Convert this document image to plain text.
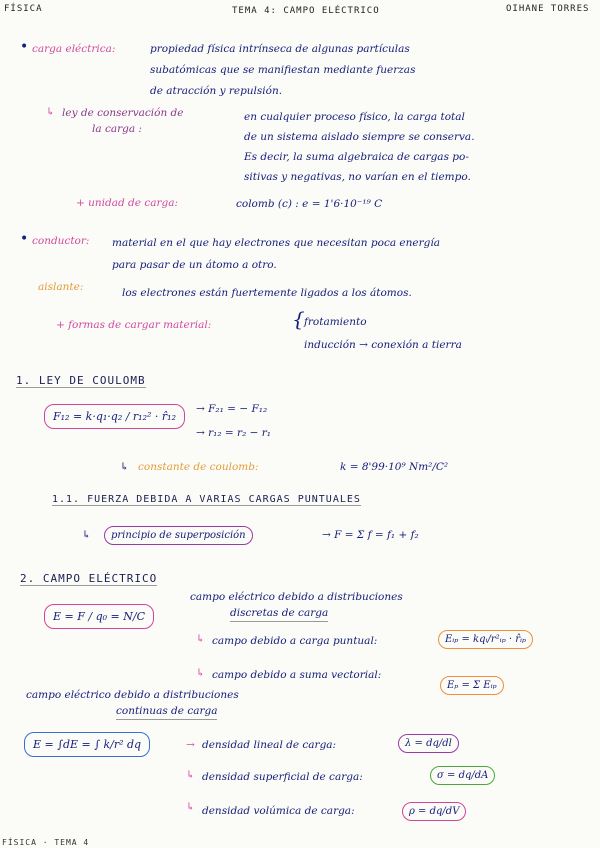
FÍSICA	TEMA 4: CAMPO ELÉCTRICO	OIHANE TORRES
• carga eléctrica:	propiedad física intrínseca de algunas partículas
subatómicas que se manifiestan mediante fuerzas
de atracción y repulsión.
↳ ley de conservación de
la carga :
en cualquier proceso físico, la carga total
de un sistema aislado siempre se conserva.
Es decir, la suma algebraica de cargas po-
sitivas y negativas, no varían en el tiempo.
+ unidad de carga:	colomb (c) : e = 1'6·10⁻¹⁹ C
• conductor: material en el que hay electrones que necesitan poca energía
para pasar de un átomo a otro.
aislante:	los electrones están fuertemente ligados a los átomos.
+ formas de cargar material:	{ frotamiento
inducción → conexión a tierra
1. LEY DE COULOMB
F₁₂ = k·q₁·q₂ / r₁₂² · r̂₁₂
→ F₂₁ = − F₁₂
→ r₁₂ = r₂ − r₁
↳ constante de coulomb:	k = 8'99·10⁹ Nm²/C²
1.1. FUERZA DEBIDA A VARIAS CARGAS PUNTUALES
↳	principio de superposición	→ F = Σ f = f₁ + f₂
2. CAMPO ELÉCTRICO
E = F / q₀ = N/C
campo eléctrico debido a distribuciones
discretas de carga
↳ campo debido a carga puntual:	Eᵢₚ = kqᵢ/r²ᵢₚ · r̂ᵢₚ
↳ campo debido a suma vectorial:
Eₚ = Σ Eᵢₚ
campo eléctrico debido a distribuciones
continuas de carga
E = ∫dE = ∫ k/r² dq	→ densidad lineal de carga:	λ = dq/dl
↳ densidad superficial de carga:	σ = dq/dA
↳ densidad volúmica de carga:	ρ = dq/dV
FÍSICA · TEMA 4
